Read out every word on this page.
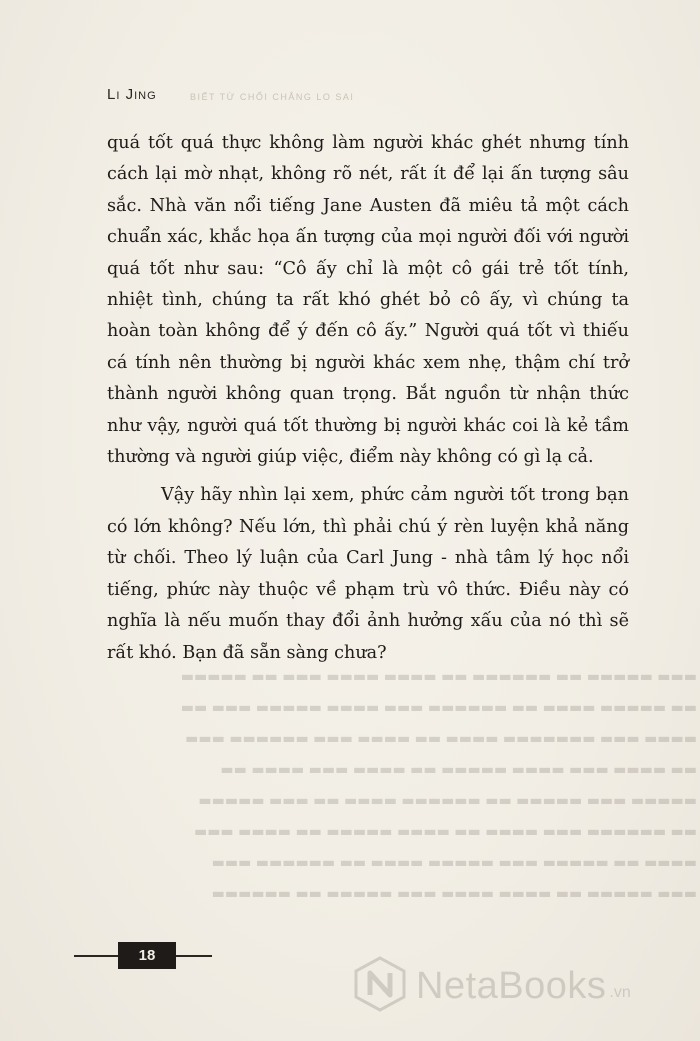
Li Jing	BIẾT TỪ CHỐI CHẲNG LO SAI
▬▬▬ ▬▬▬▬▬ ▬▬ ▬▬▬▬▬▬ ▬▬ ▬▬▬▬ ▬▬▬▬ ▬▬▬ ▬▬ ▬▬▬▬▬
▬▬ ▬▬▬▬▬ ▬▬▬▬ ▬▬ ▬▬▬▬▬▬ ▬▬▬ ▬▬▬▬ ▬▬▬▬▬ ▬▬▬ ▬▬
▬▬▬▬ ▬▬▬ ▬▬▬▬▬▬▬ ▬▬▬▬ ▬▬ ▬▬▬▬ ▬▬▬ ▬▬▬▬▬▬ ▬▬▬
▬▬ ▬▬▬▬ ▬▬▬ ▬▬▬▬ ▬▬▬▬▬ ▬▬ ▬▬▬▬ ▬▬▬ ▬▬▬▬ ▬▬
▬▬▬▬▬ ▬▬▬ ▬▬▬▬▬ ▬▬ ▬▬▬▬▬▬ ▬▬▬▬ ▬▬ ▬▬▬ ▬▬▬▬▬
▬▬ ▬▬▬▬▬▬ ▬▬▬ ▬▬▬▬ ▬▬ ▬▬▬▬ ▬▬▬▬▬ ▬▬ ▬▬▬▬ ▬▬▬
▬▬▬▬ ▬▬ ▬▬▬▬▬ ▬▬▬ ▬▬▬▬▬ ▬▬▬▬ ▬▬ ▬▬▬▬▬▬ ▬▬▬
▬▬▬ ▬▬▬▬▬ ▬▬ ▬▬▬▬ ▬▬▬▬ ▬▬▬ ▬▬▬▬▬ ▬▬ ▬▬▬▬▬▬

quá tốt quá thực không làm người khác ghét nhưng tính cách lại mờ nhạt, không rõ nét, rất ít để lại ấn tượng sâu sắc. Nhà văn nổi tiếng Jane Austen đã miêu tả một cách chuẩn xác, khắc họa ấn tượng của mọi người đối với người quá tốt như sau: “Cô ấy chỉ là một cô gái trẻ tốt tính, nhiệt tình, chúng ta rất khó ghét bỏ cô ấy, vì chúng ta hoàn toàn không để ý đến cô ấy.” Người quá tốt vì thiếu cá tính nên thường bị người khác xem nhẹ, thậm chí trở thành người không quan trọng. Bắt nguồn từ nhận thức như vậy, người quá tốt thường bị người khác coi là kẻ tầm thường và người giúp việc, điểm này không có gì lạ cả.

Vậy hãy nhìn lại xem, phức cảm người tốt trong bạn có lớn không? Nếu lớn, thì phải chú ý rèn luyện khả năng từ chối. Theo lý luận của Carl Jung - nhà tâm lý học nổi tiếng, phức này thuộc về phạm trù vô thức. Điều này có nghĩa là nếu muốn thay đổi ảnh hưởng xấu của nó thì sẽ rất khó. Bạn đã sẵn sàng chưa?

18
NetaBooks .vn
